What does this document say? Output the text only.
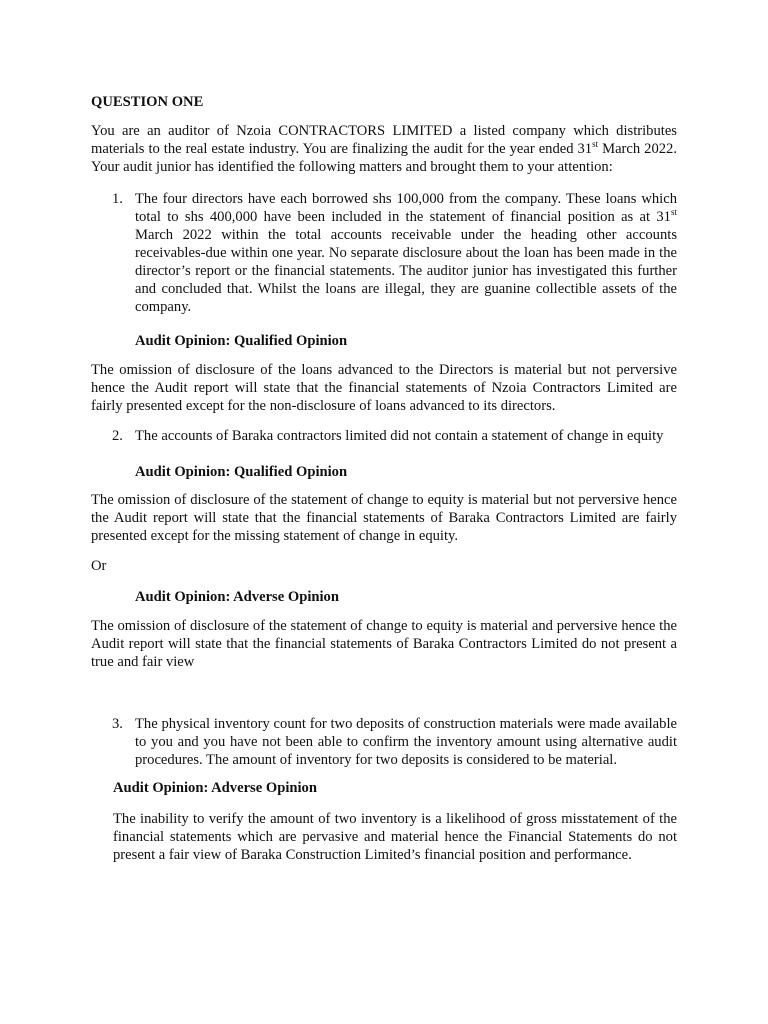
QUESTION ONE

You are an auditor of Nzoia CONTRACTORS LIMITED a listed company which distributes materials to the real estate industry. You are finalizing the audit for the year ended 31st March 2022. Your audit junior has identified the following matters and brought them to your attention:

1. The four directors have each borrowed shs 100,000 from the company. These loans which total to shs 400,000 have been included in the statement of financial position as at 31st March 2022 within the total accounts receivable under the heading other accounts receivables-due within one year. No separate disclosure about the loan has been made in the director’s report or the financial statements. The auditor junior has investigated this further and concluded that. Whilst the loans are illegal, they are guanine collectible assets of the company.
Audit Opinion: Qualified Opinion

The omission of disclosure of the loans advanced to the Directors is material but not perversive hence the Audit report will state that the financial statements of Nzoia Contractors Limited are fairly presented except for the non-disclosure of loans advanced to its directors.

2. The accounts of Baraka contractors limited did not contain a statement of change in equity
Audit Opinion: Qualified Opinion

The omission of disclosure of the statement of change to equity is material but not perversive hence the Audit report will state that the financial statements of Baraka Contractors Limited are fairly presented except for the missing statement of change in equity.

Or
Audit Opinion: Adverse Opinion

The omission of disclosure of the statement of change to equity is material and perversive hence the Audit report will state that the financial statements of Baraka Contractors Limited do not present a true and fair view

3. The physical inventory count for two deposits of construction materials were made available to you and you have not been able to confirm the inventory amount using alternative audit procedures. The amount of inventory for two deposits is considered to be material.
Audit Opinion: Adverse Opinion

The inability to verify the amount of two inventory is a likelihood of gross misstatement of the financial statements which are pervasive and material hence the Financial Statements do not present a fair view of Baraka Construction Limited’s financial position and performance.
